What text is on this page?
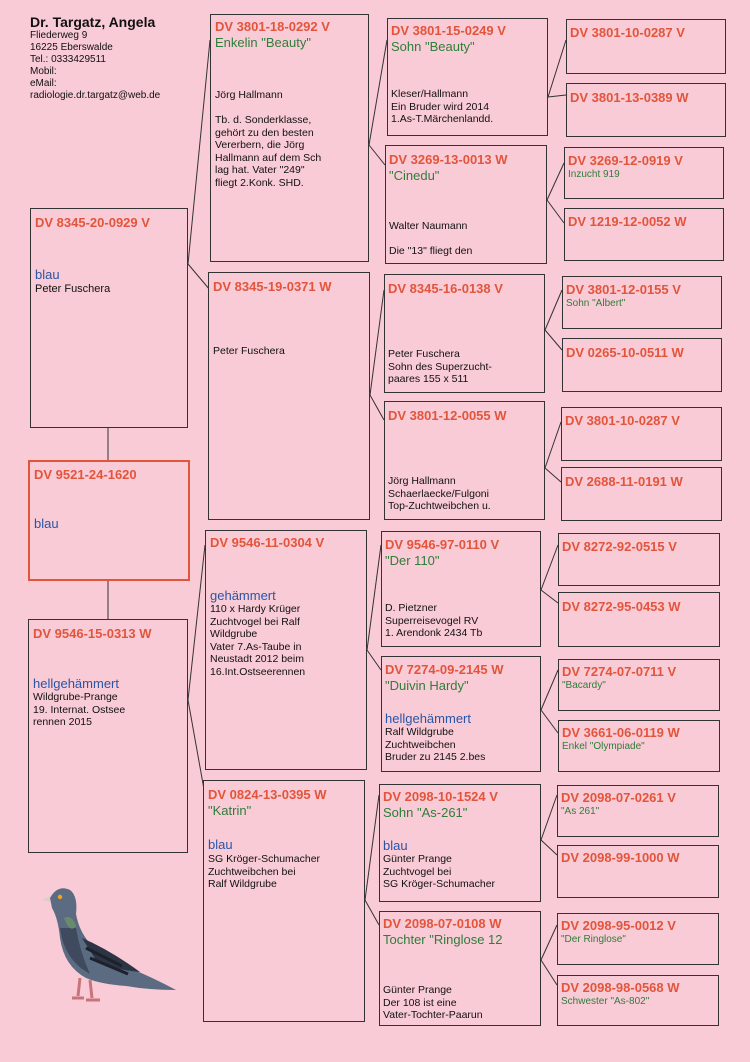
Dr. Targatz, Angela
Fliederweg 9
16225 Eberswalde
Tel.: 0333429511
Mobil:
eMail:
radiologie.dr.targatz@web.de
DV 8345-20-0929 V
blau
Peter Fuschera
DV 9521-24-1620
blau
DV 9546-15-0313 W
hellgehämmert
Wildgrube-Prange
19. Internat. Ostsee
rennen 2015
DV 3801-18-0292 V
Enkelin "Beauty"
Jörg Hallmann

Tb. d. Sonderklasse,
gehört zu den besten
Vererbern, die Jörg
Hallmann auf dem Sch
lag hat. Vater "249"
fliegt 2.Konk. SHD.
DV 8345-19-0371 W
Peter Fuschera
DV 9546-11-0304 V
gehämmert
110 x Hardy Krüger
Zuchtvogel bei Ralf
Wildgrube
Vater 7.As-Taube in
Neustadt 2012 beim
16.Int.Ostseerennen
DV 0824-13-0395 W
"Katrin"
blau
SG Kröger-Schumacher
Zuchtweibchen bei
Ralf Wildgrube
DV 3801-15-0249 V
Sohn "Beauty"
Kleser/Hallmann
Ein Bruder wird 2014
1.As-T.Märchenlandd.
DV 3269-13-0013 W
"Cinedu"
Walter Naumann

Die "13" fliegt den
DV 8345-16-0138 V
Peter Fuschera
Sohn des Superzucht-
paares 155 x 511
DV 3801-12-0055 W
Jörg Hallmann
Schaerlaecke/Fulgoni
Top-Zuchtweibchen u.
DV 9546-97-0110 V
"Der 110"
D. Pietzner
Superreisevogel RV
1. Arendonk 2434 Tb
DV 7274-09-2145 W
"Duivin Hardy"
hellgehämmert
Ralf Wildgrube
Zuchtweibchen
Bruder zu 2145 2.bes
DV 2098-10-1524 V
Sohn "As-261"
blau
Günter Prange
Zuchtvogel bei
SG Kröger-Schumacher
DV 2098-07-0108 W
Tochter "Ringlose 12
Günter Prange
Der 108 ist eine
Vater-Tochter-Paarun
DV 3801-10-0287 V
DV 3801-13-0389 W
DV 3269-12-0919 V
Inzucht 919
DV 1219-12-0052 W
DV 3801-12-0155 V
Sohn "Albert"
DV 0265-10-0511 W
DV 3801-10-0287 V
DV 2688-11-0191 W
DV 8272-92-0515 V
DV 8272-95-0453 W
DV 7274-07-0711 V
"Bacardy"
DV 3661-06-0119 W
Enkel "Olympiade"
DV 2098-07-0261 V
"As 261"
DV 2098-99-1000 W
DV 2098-95-0012 V
"Der Ringlose"
DV 2098-98-0568 W
Schwester "As-802"
